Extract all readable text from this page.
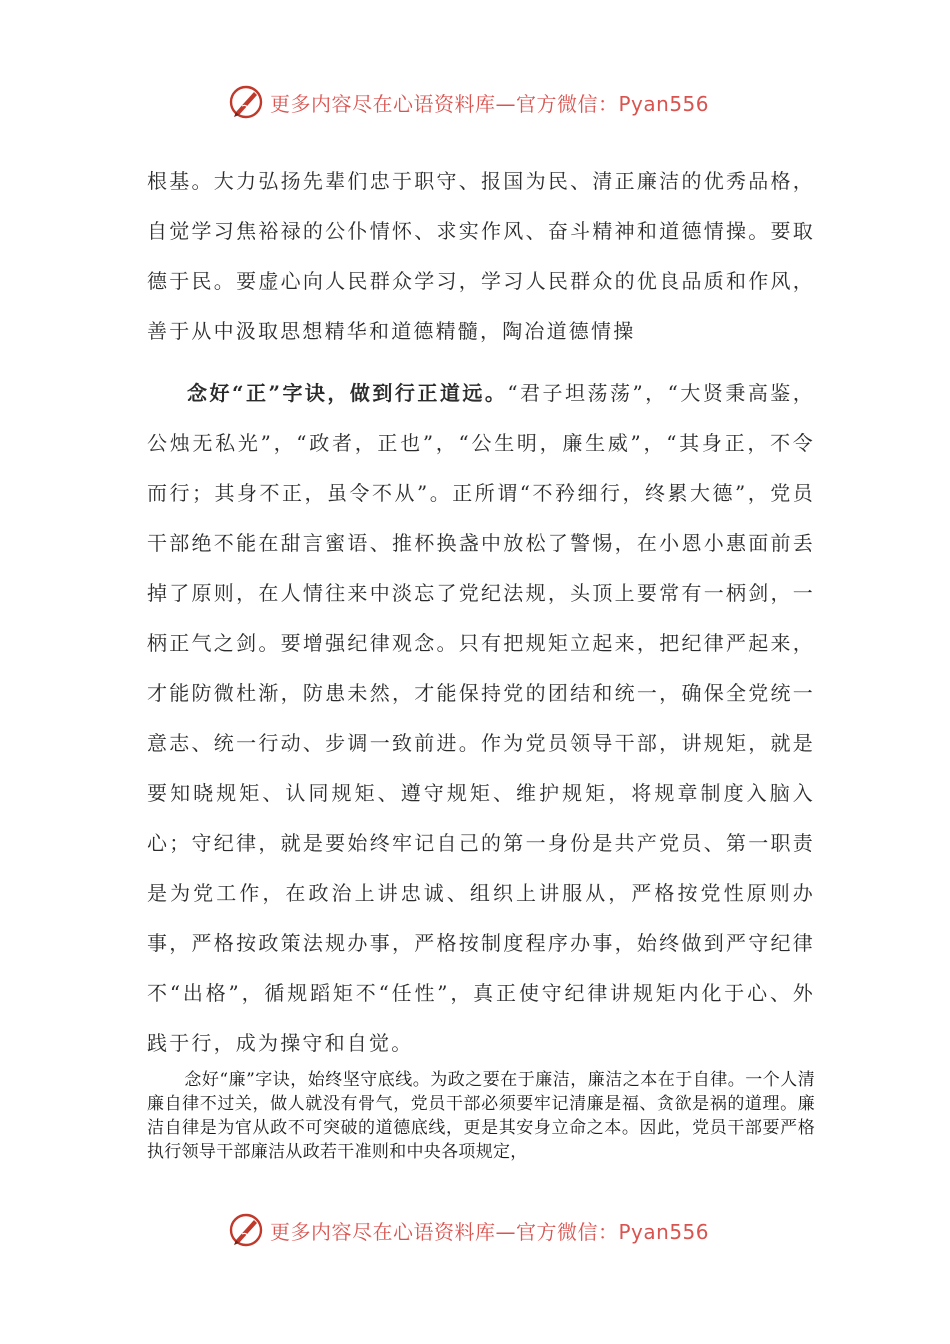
更多内容尽在心语资料库—官方微信：Pyan556

根基。大力弘扬先辈们忠于职守、报国为民、清正廉洁的优秀品格，自觉学习焦裕禄的公仆情怀、求实作风、奋斗精神和道德情操。要取德于民。要虚心向人民群众学习，学习人民群众的优良品质和作风，善于从中汲取思想精华和道德精髓，陶冶道德情操

念好“正”字诀，做到行正道远。“君子坦荡荡”，“大贤秉高鉴，公烛无私光”，“政者，正也”，“公生明，廉生威”，“其身正，不令而行；其身不正，虽令不从”。正所谓“不矜细行，终累大德”，党员干部绝不能在甜言蜜语、推杯换盏中放松了警惕，在小恩小惠面前丢掉了原则，在人情往来中淡忘了党纪法规，头顶上要常有一柄剑，一柄正气之剑。要增强纪律观念。只有把规矩立起来，把纪律严起来，才能防微杜渐，防患未然，才能保持党的团结和统一，确保全党统一意志、统一行动、步调一致前进。作为党员领导干部，讲规矩，就是要知晓规矩、认同规矩、遵守规矩、维护规矩，将规章制度入脑入心；守纪律，就是要始终牢记自己的第一身份是共产党员、第一职责是为党工作，在政治上讲忠诚、组织上讲服从，严格按党性原则办事，严格按政策法规办事，严格按制度程序办事，始终做到严守纪律不“出格”，循规蹈矩不“任性”，真正使守纪律讲规矩内化于心、外践于行，成为操守和自觉。

念好“廉”字诀，始终坚守底线。为政之要在于廉洁，廉洁之本在于自律。一个人清廉自律不过关，做人就没有骨气，党员干部必须要牢记清廉是福、贪欲是祸的道理。廉洁自律是为官从政不可突破的道德底线，更是其安身立命之本。因此，党员干部要严格执行领导干部廉洁从政若干准则和中央各项规定，

更多内容尽在心语资料库—官方微信：Pyan556
